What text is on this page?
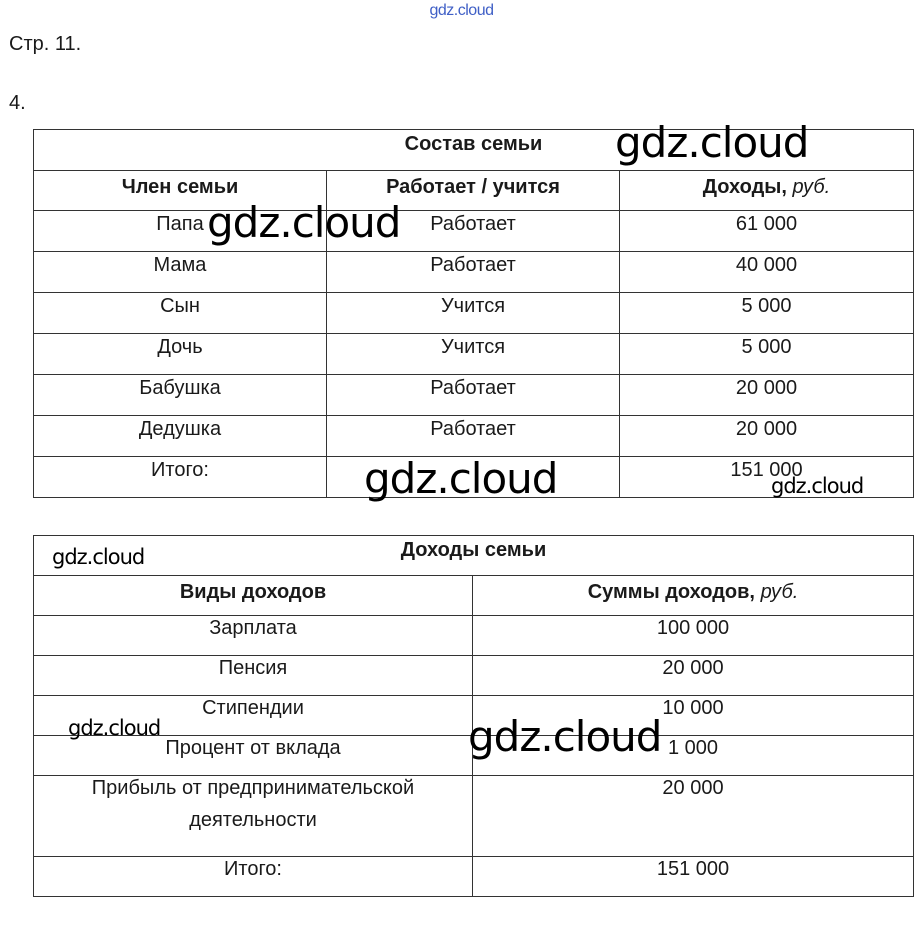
gdz.cloud
Стр. 11.
4.
Состав семьи		
Член семьи	Работает / учится	Доходы, руб.
Папа	Работает	61 000
Мама	Работает	40 000
Сын	Учится	5 000
Дочь	Учится	5 000
Бабушка	Работает	20 000
Дедушка	Работает	20 000
Итого:		151 000
Доходы семьи	
Виды доходов	Суммы доходов, руб.
Зарплата	100 000
Пенсия	20 000
Стипендии	10 000
Процент от вклада	1 000

Прибыль от предпринимательской
деятельности	20 000

Итого:	151 000
gdz.cloud
gdz.cloud
gdz.cloud	gdz.cloud
gdz.cloud
gdz.cloud	gdz.cloud
